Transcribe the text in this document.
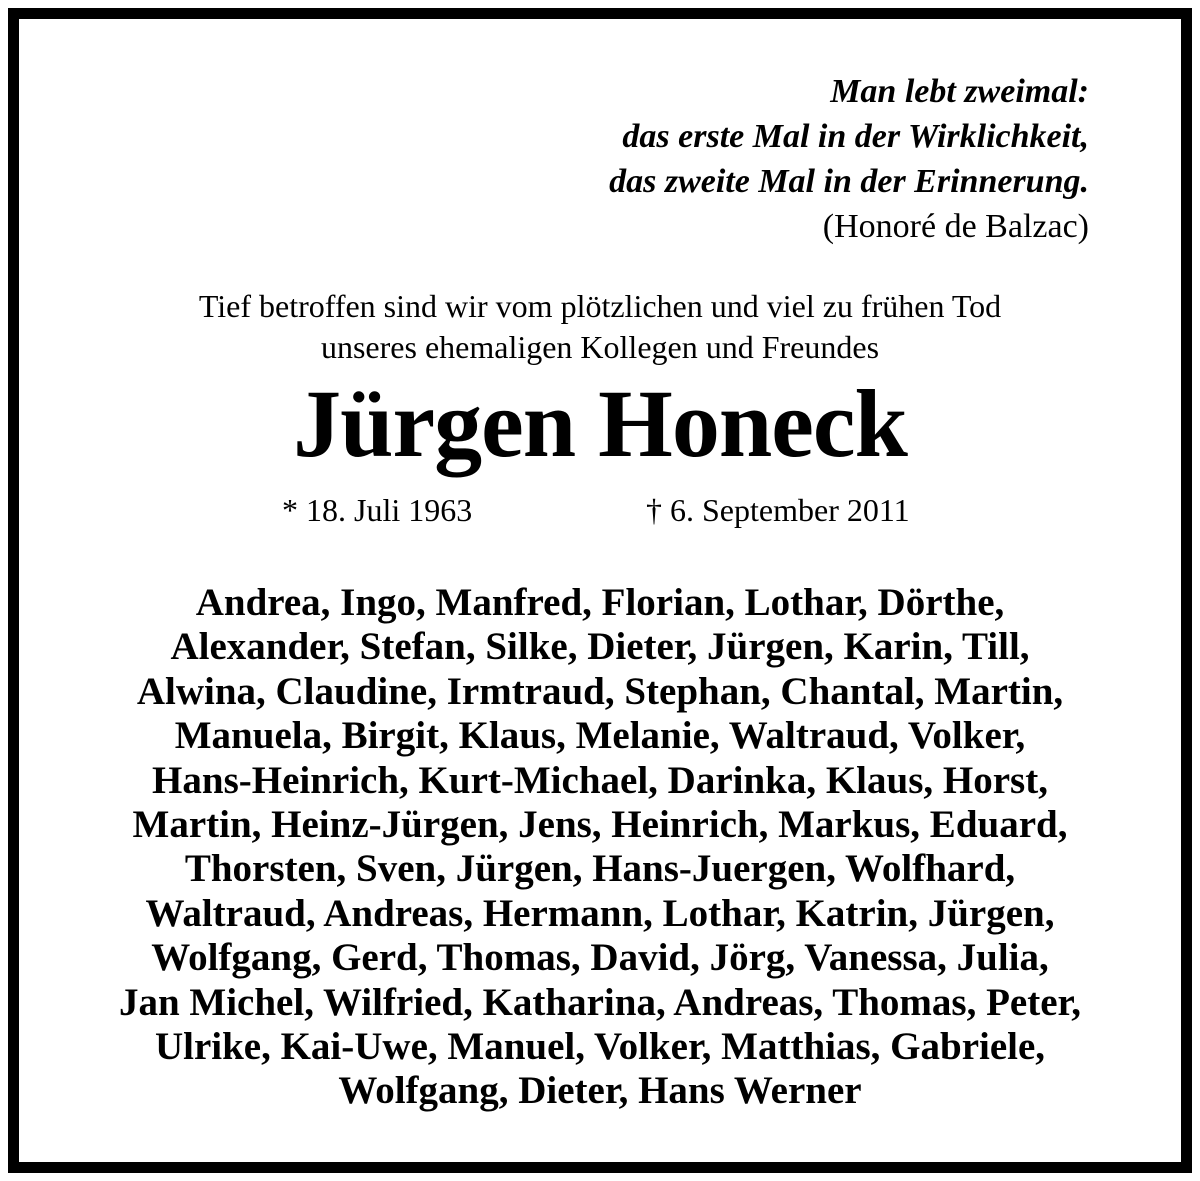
Man lebt zweimal:
das erste Mal in der Wirklichkeit,
das zweite Mal in der Erinnerung.
(Honoré de Balzac)
Tief betroffen sind wir vom plötzlichen und viel zu frühen Tod
unseres ehemaligen Kollegen und Freundes
Jürgen Honeck
* 18. Juli 1963	† 6. September 2011
Andrea, Ingo, Manfred, Florian, Lothar, Dörthe,
Alexander, Stefan, Silke, Dieter, Jürgen, Karin, Till,
Alwina, Claudine, Irmtraud, Stephan, Chantal, Martin,
Manuela, Birgit, Klaus, Melanie, Waltraud, Volker,
Hans-Heinrich, Kurt-Michael, Darinka, Klaus, Horst,
Martin, Heinz-Jürgen, Jens, Heinrich, Markus, Eduard,
Thorsten, Sven, Jürgen, Hans-Juergen, Wolfhard,
Waltraud, Andreas, Hermann, Lothar, Katrin, Jürgen,
Wolfgang, Gerd, Thomas, David, Jörg, Vanessa, Julia,
Jan Michel, Wilfried, Katharina, Andreas, Thomas, Peter,
Ulrike, Kai-Uwe, Manuel, Volker, Matthias, Gabriele,
Wolfgang, Dieter, Hans Werner
